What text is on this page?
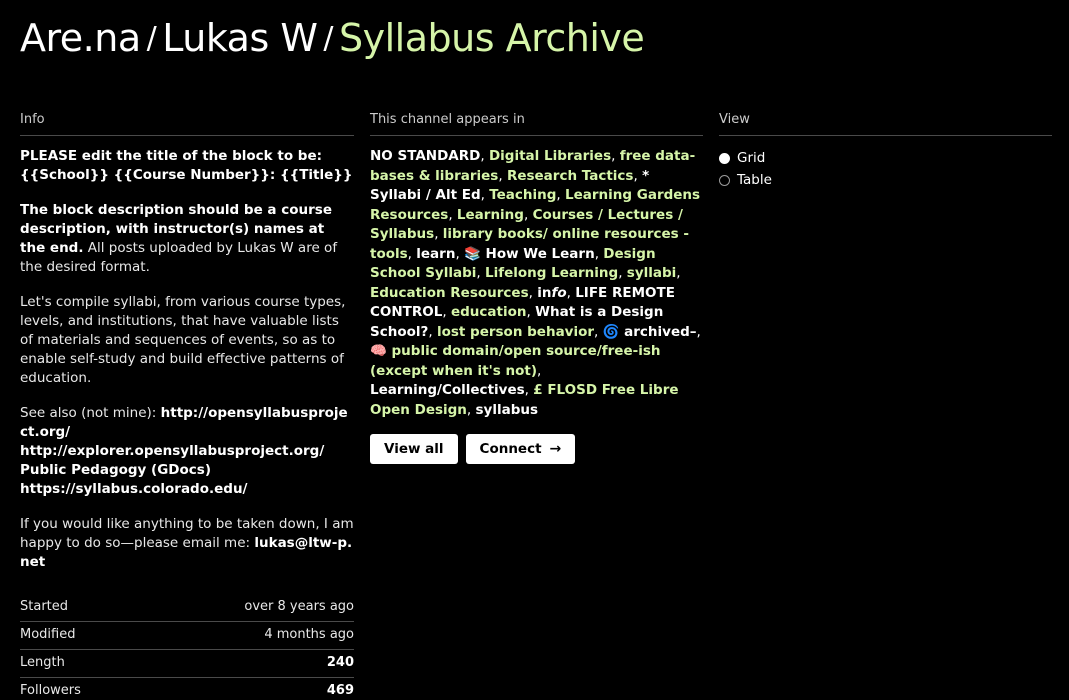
Are.na / Lukas W / Syllabus Archive
Info

PLEASE edit the title of the block to be: {{School}} {{Course Number}}: {{Title}}

The block description should be a course description, with instructor(s) names at the end. All posts uploaded by Lukas W are of the desired format.

Let's compile syllabi, from various course types, levels, and institutions, that have valuable lists of materials and sequences of events, so as to enable self-study and build effective patterns of education.

See also (not mine): http://opensyllabusproject.org/
http://explorer.opensyllabusproject.org/
Public Pedagogy (GDocs)
https://syllabus.colorado.edu/

If you would like anything to be taken down, I am happy to do so—please email me: lukas@ltw-p.net

Started	over 8 years ago
Modified	4 months ago
Length	240
Followers	469
This channel appears in
NO STANDARD, Digital Libraries, free data-bases & libraries, Research Tactics, * Syllabi / Alt Ed, Teaching, Learning Gardens Resources, Learning, Courses / Lectures / Syllabus, library books/ online resources - tools, learn, 📚 How We Learn, Design School Syllabi, Lifelong Learning, syllabi, Education Resources, info, LIFE REMOTE CONTROL, education, What is a Design School?, lost person behavior, 🌀 archived–, 🧠 public domain/open source/free-ish (except when it's not), Learning/Collectives, £ FLOSD Free Libre Open Design, syllabus
View all	Connect →
View
Grid
Table
